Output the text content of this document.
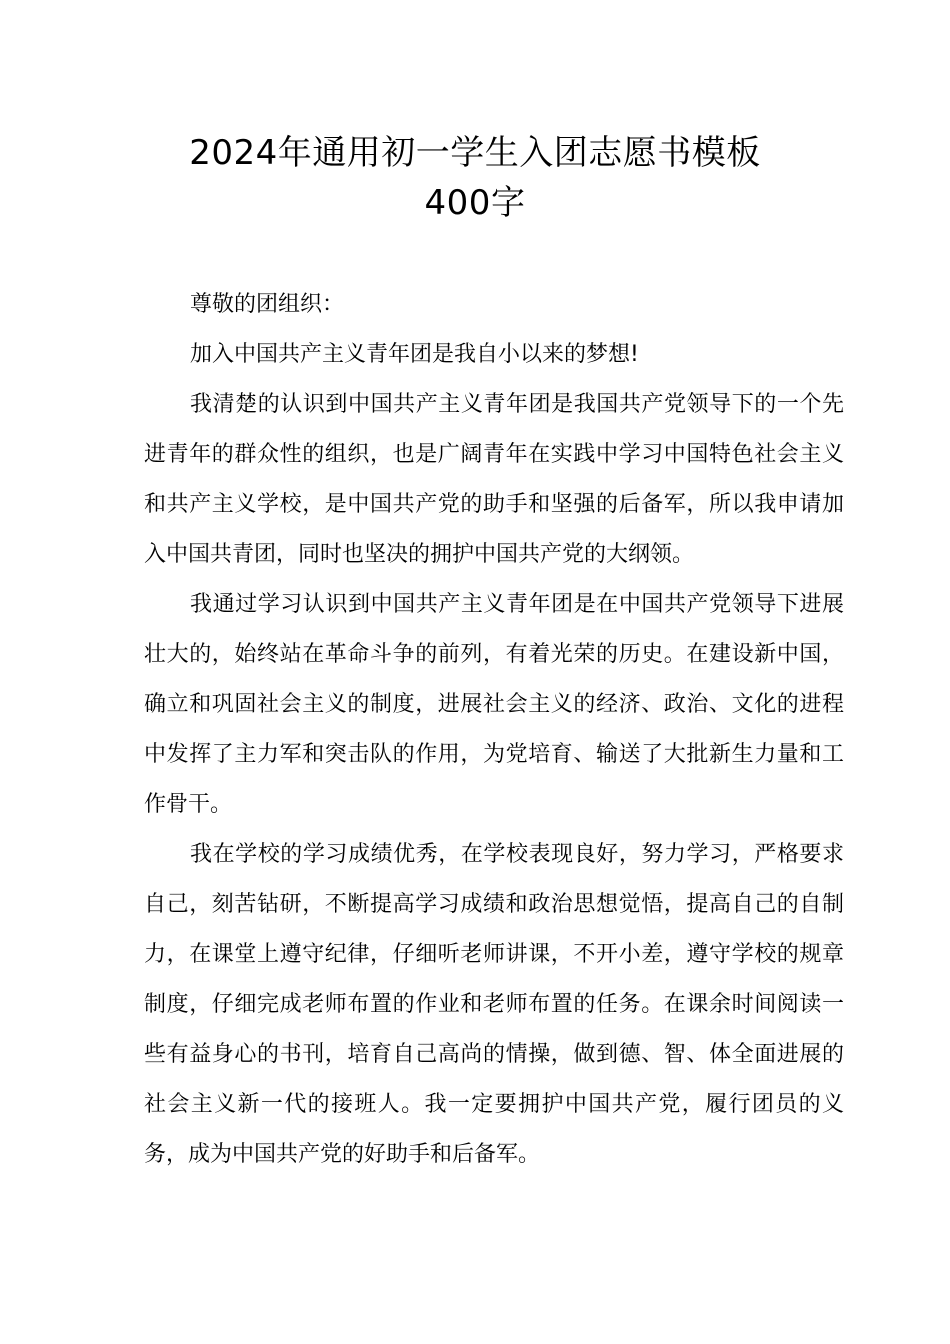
2024年通用初一学生入团志愿书模板
400字

尊敬的团组织：

加入中国共产主义青年团是我自小以来的梦想!

我清楚的认识到中国共产主义青年团是我国共产党领导下的一个先进青年的群众性的组织，也是广阔青年在实践中学习中国特色社会主义和共产主义学校，是中国共产党的助手和坚强的后备军，所以我申请加入中国共青团，同时也坚决的拥护中国共产党的大纲领。

我通过学习认识到中国共产主义青年团是在中国共产党领导下进展壮大的，始终站在革命斗争的前列，有着光荣的历史。在建设新中国，确立和巩固社会主义的制度，进展社会主义的经济、政治、文化的进程中发挥了主力军和突击队的作用，为党培育、输送了大批新生力量和工作骨干。

我在学校的学习成绩优秀，在学校表现良好，努力学习，严格要求自己，刻苦钻研，不断提高学习成绩和政治思想觉悟，提高自己的自制力，在课堂上遵守纪律，仔细听老师讲课，不开小差，遵守学校的规章制度，仔细完成老师布置的作业和老师布置的任务。在课余时间阅读一些有益身心的书刊，培育自己高尚的情操，做到德、智、体全面进展的社会主义新一代的接班人。我一定要拥护中国共产党，履行团员的义务，成为中国共产党的好助手和后备军。
